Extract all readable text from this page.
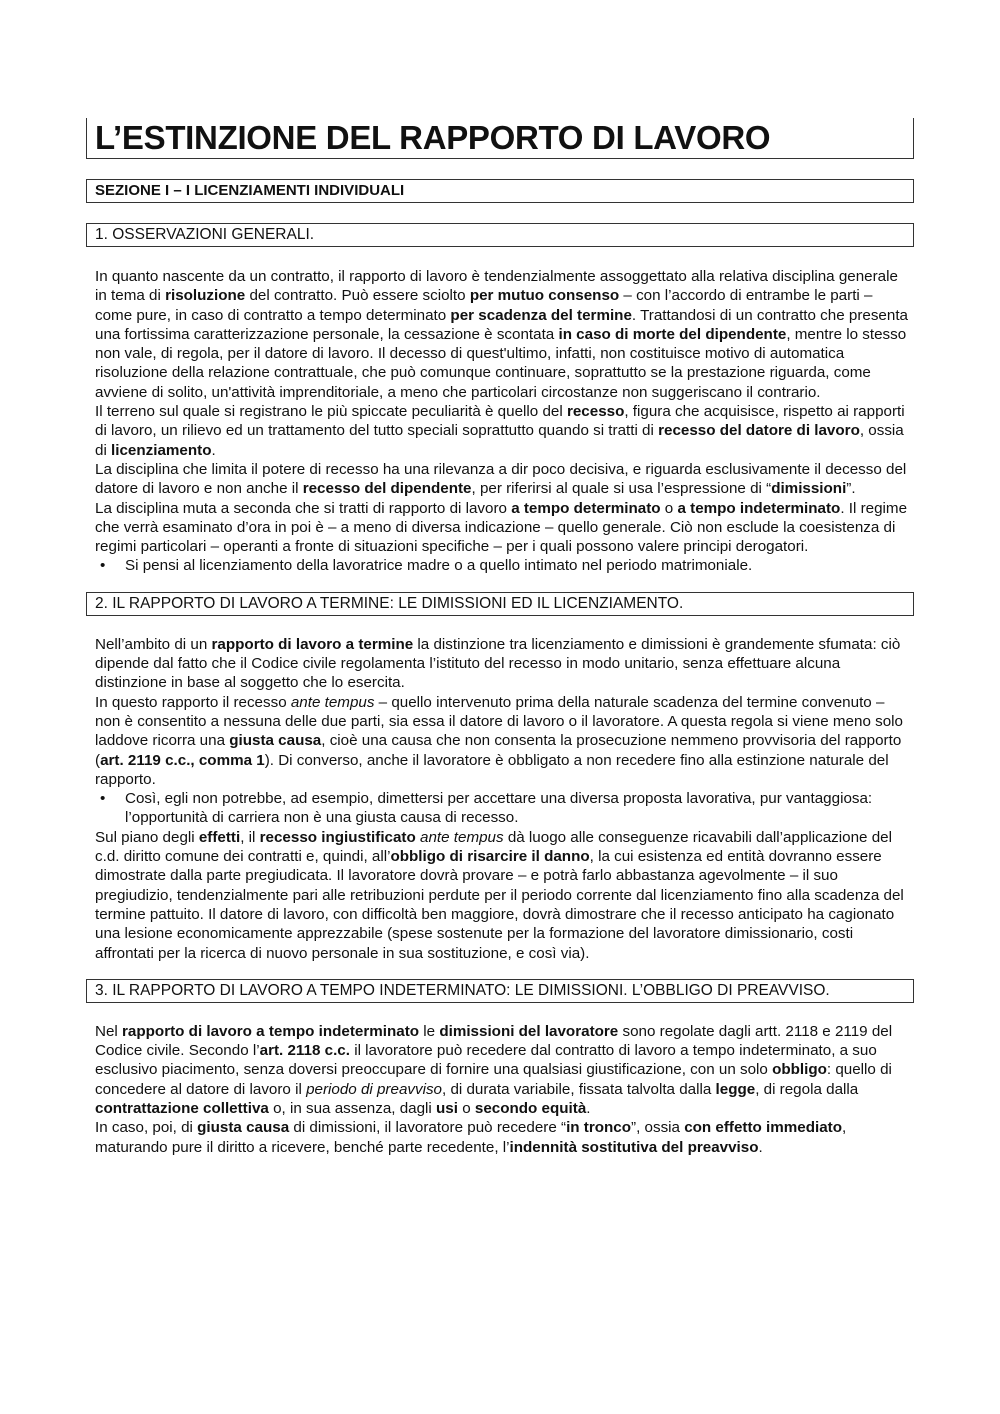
L’ESTINZIONE DEL RAPPORTO DI LAVORO
SEZIONE I – I LICENZIAMENTI INDIVIDUALI
1. OSSERVAZIONI GENERALI.

In quanto nascente da un contratto, il rapporto di lavoro è tendenzialmente assoggettato alla relativa disciplina generale in tema di risoluzione del contratto. Può essere sciolto per mutuo consenso – con l’accordo di entrambe le parti – come pure, in caso di contratto a tempo determinato per scadenza del termine. Trattandosi di un contratto che presenta una fortissima caratterizzazione personale, la cessazione è scontata in caso di morte del dipendente, mentre lo stesso non vale, di regola, per il datore di lavoro. Il decesso di quest'ultimo, infatti, non costituisce motivo di automatica risoluzione della relazione contrattuale, che può comunque continuare, soprattutto se la prestazione riguarda, come avviene di solito, un'attività imprenditoriale, a meno che particolari circostanze non suggeriscano il contrario.

Il terreno sul quale si registrano le più spiccate peculiarità è quello del recesso, figura che acquisisce, rispetto ai rapporti di lavoro, un rilievo ed un trattamento del tutto speciali soprattutto quando si tratti di recesso del datore di lavoro, ossia di licenziamento.

La disciplina che limita il potere di recesso ha una rilevanza a dir poco decisiva, e riguarda esclusivamente il decesso del datore di lavoro e non anche il recesso del dipendente, per riferirsi al quale si usa l’espressione di “dimissioni”.

La disciplina muta a seconda che si tratti di rapporto di lavoro a tempo determinato o a tempo indeterminato. Il regime che verrà esaminato d’ora in poi è – a meno di diversa indicazione – quello generale. Ciò non esclude la coesistenza di regimi particolari – operanti a fronte di situazioni specifiche – per i quali possono valere principi derogatori.

• Si pensi al licenziamento della lavoratrice madre o a quello intimato nel periodo matrimoniale.
2. IL RAPPORTO DI LAVORO A TERMINE: LE DIMISSIONI ED IL LICENZIAMENTO.

Nell’ambito di un rapporto di lavoro a termine la distinzione tra licenziamento e dimissioni è grandemente sfumata: ciò dipende dal fatto che il Codice civile regolamenta l’istituto del recesso in modo unitario, senza effettuare alcuna distinzione in base al soggetto che lo esercita.

In questo rapporto il recesso ante tempus – quello intervenuto prima della naturale scadenza del termine convenuto – non è consentito a nessuna delle due parti, sia essa il datore di lavoro o il lavoratore. A questa regola si viene meno solo laddove ricorra una giusta causa, cioè una causa che non consenta la prosecuzione nemmeno provvisoria del rapporto (art. 2119 c.c., comma 1). Di converso, anche il lavoratore è obbligato a non recedere fino alla estinzione naturale del rapporto.

• Così, egli non potrebbe, ad esempio, dimettersi per accettare una diversa proposta lavorativa, pur vantaggiosa: l’opportunità di carriera non è una giusta causa di recesso.

Sul piano degli effetti, il recesso ingiustificato ante tempus dà luogo alle conseguenze ricavabili dall’applicazione del c.d. diritto comune dei contratti e, quindi, all’obbligo di risarcire il danno, la cui esistenza ed entità dovranno essere dimostrate dalla parte pregiudicata. Il lavoratore dovrà provare – e potrà farlo abbastanza agevolmente – il suo pregiudizio, tendenzialmente pari alle retribuzioni perdute per il periodo corrente dal licenziamento fino alla scadenza del termine pattuito. Il datore di lavoro, con difficoltà ben maggiore, dovrà dimostrare che il recesso anticipato ha cagionato una lesione economicamente apprezzabile (spese sostenute per la formazione del lavoratore dimissionario, costi affrontati per la ricerca di nuovo personale in sua sostituzione, e così via).

3. IL RAPPORTO DI LAVORO A TEMPO INDETERMINATO: LE DIMISSIONI. L’OBBLIGO DI PREAVVISO.

Nel rapporto di lavoro a tempo indeterminato le dimissioni del lavoratore sono regolate dagli artt. 2118 e 2119 del Codice civile. Secondo l’art. 2118 c.c. il lavoratore può recedere dal contratto di lavoro a tempo indeterminato, a suo esclusivo piacimento, senza doversi preoccupare di fornire una qualsiasi giustificazione, con un solo obbligo: quello di concedere al datore di lavoro il periodo di preavviso, di durata variabile, fissata talvolta dalla legge, di regola dalla contrattazione collettiva o, in sua assenza, dagli usi o secondo equità.

In caso, poi, di giusta causa di dimissioni, il lavoratore può recedere “in tronco”, ossia con effetto immediato, maturando pure il diritto a ricevere, benché parte recedente, l’indennità sostitutiva del preavviso.
